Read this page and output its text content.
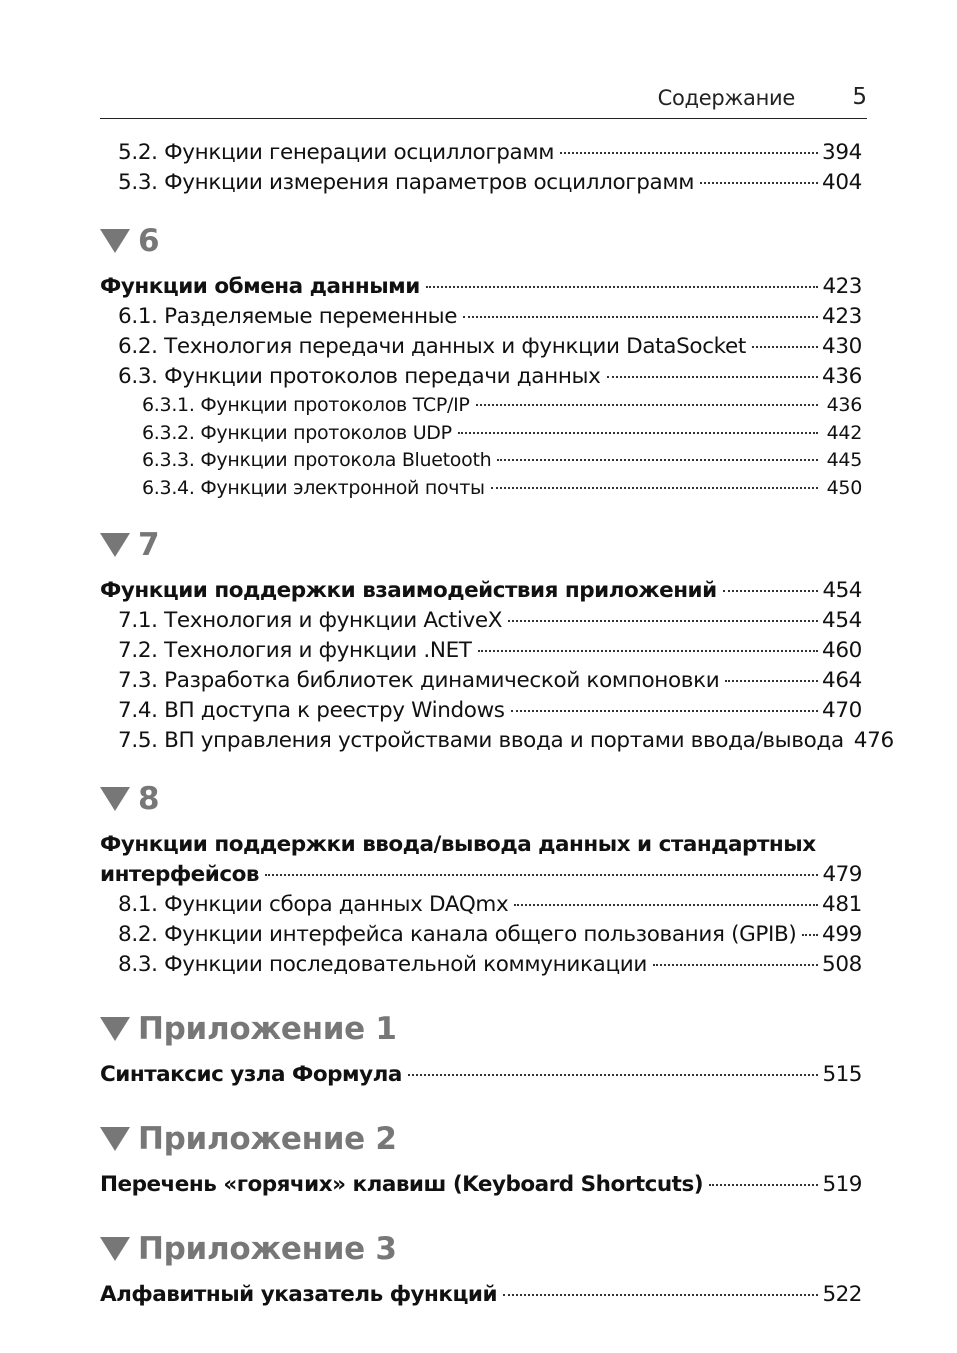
Содержание 5
5.2. Функции генерации осциллограмм	394
5.3. Функции измерения параметров осциллограмм	404
6
Функции обмена данными	423
6.1. Разделяемые переменные	423
6.2. Технология передачи данных и функции DataSocket	430
6.3. Функции протоколов передачи данных	436
6.3.1. Функции протоколов TCP/IP	436
6.3.2. Функции протоколов UDP	442
6.3.3. Функции протокола Bluetooth	445
6.3.4. Функции электронной почты	450
7
Функции поддержки взаимодействия приложений	454
7.1. Технология и функции ActiveX	454
7.2. Технология и функции .NET	460
7.3. Разработка библиотек динамической компоновки	464
7.4. ВП доступа к реестру Windows	470
7.5. ВП управления устройствами ввода и портами ввода/вывода 476
8
Функции поддержки ввода/вывода данных и стандартных
интерфейсов	479
8.1. Функции сбора данных DAQmx	481
8.2. Функции интерфейса канала общего пользования (GPIB) 499
8.3. Функции последовательной коммуникации	508
Приложение 1
Синтаксис узла Формула	515
Приложение 2
Перечень «горячих» клавиш (Keyboard Shortcuts)	519
Приложение 3
Алфавитный указатель функций	522
